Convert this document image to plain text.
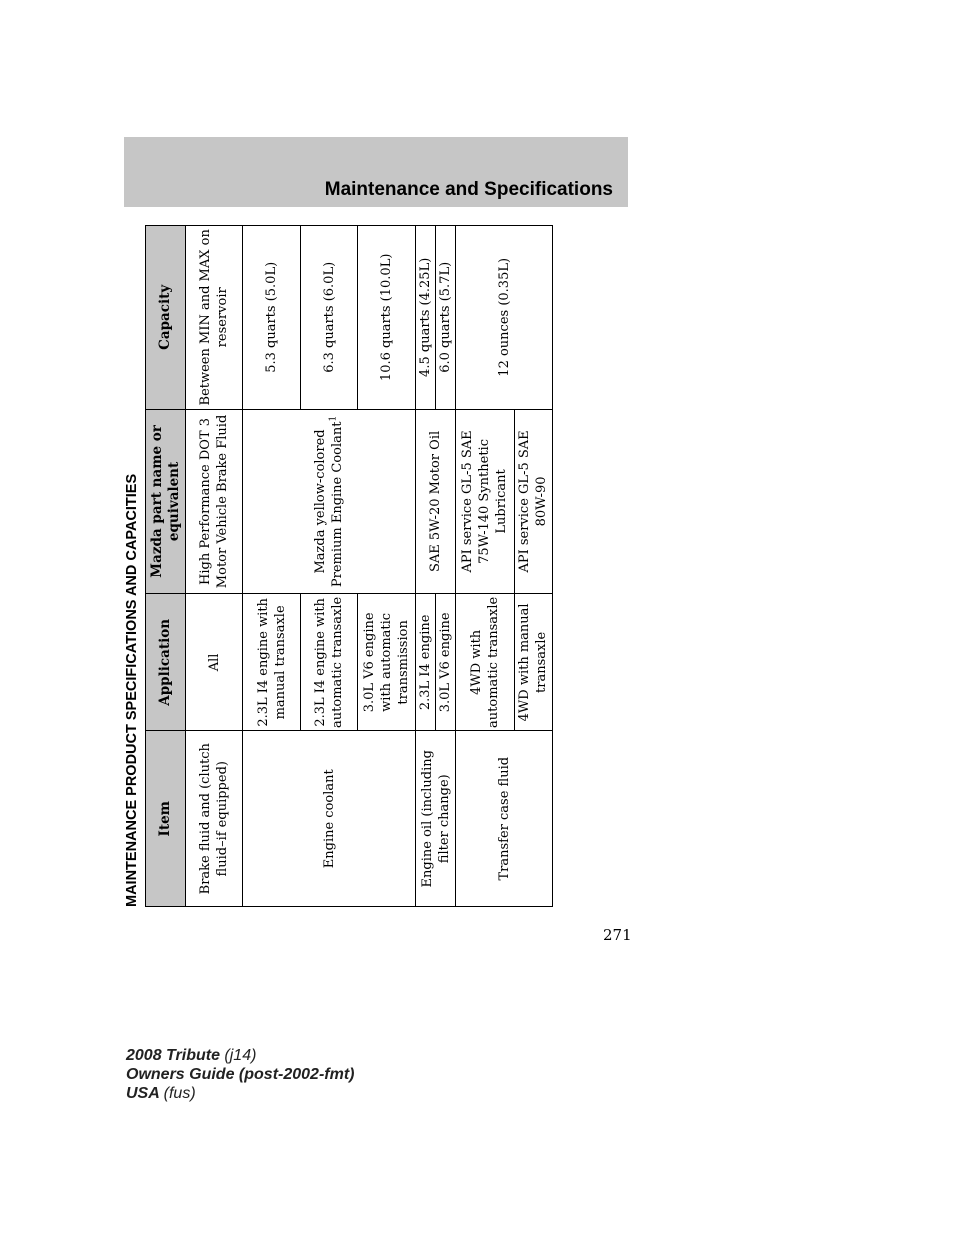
Maintenance and Specifications
MAINTENANCE PRODUCT SPECIFICATIONS AND CAPACITIES Item	Application	Mazda part name or equivalent	Capacity
Brake fluid and (clutch fluid–if equipped)	All	High Performance DOT 3 Motor Vehicle Brake Fluid	Between MIN and MAX on reservoir
Engine coolant	2.3L I4 engine with manual transaxle	Mazda yellow-colored Premium Engine Coolant$^1$	5.3 quarts (5.0L)
	2.3L I4 engine with automatic transaxle		6.3 quarts (6.0L)
	3.0L V6 engine with automatic transmission		10.6 quarts (10.0L)
Engine oil (including filter change)	2.3L I4 engine	SAE 5W-20 Motor Oil	4.5 quarts (4.25L)
	3.0L V6 engine		6.0 quarts (5.7L)
Transfer case fluid	4WD with automatic transaxle	API service GL-5 SAE 75W-140 Synthetic Lubricant	12 ounces (0.35L)
	4WD with manual transaxle	API service GL-5 SAE 80W-90	
271
2008 Tribute (j14)
Owners Guide (post-2002-fmt)
USA (fus)
